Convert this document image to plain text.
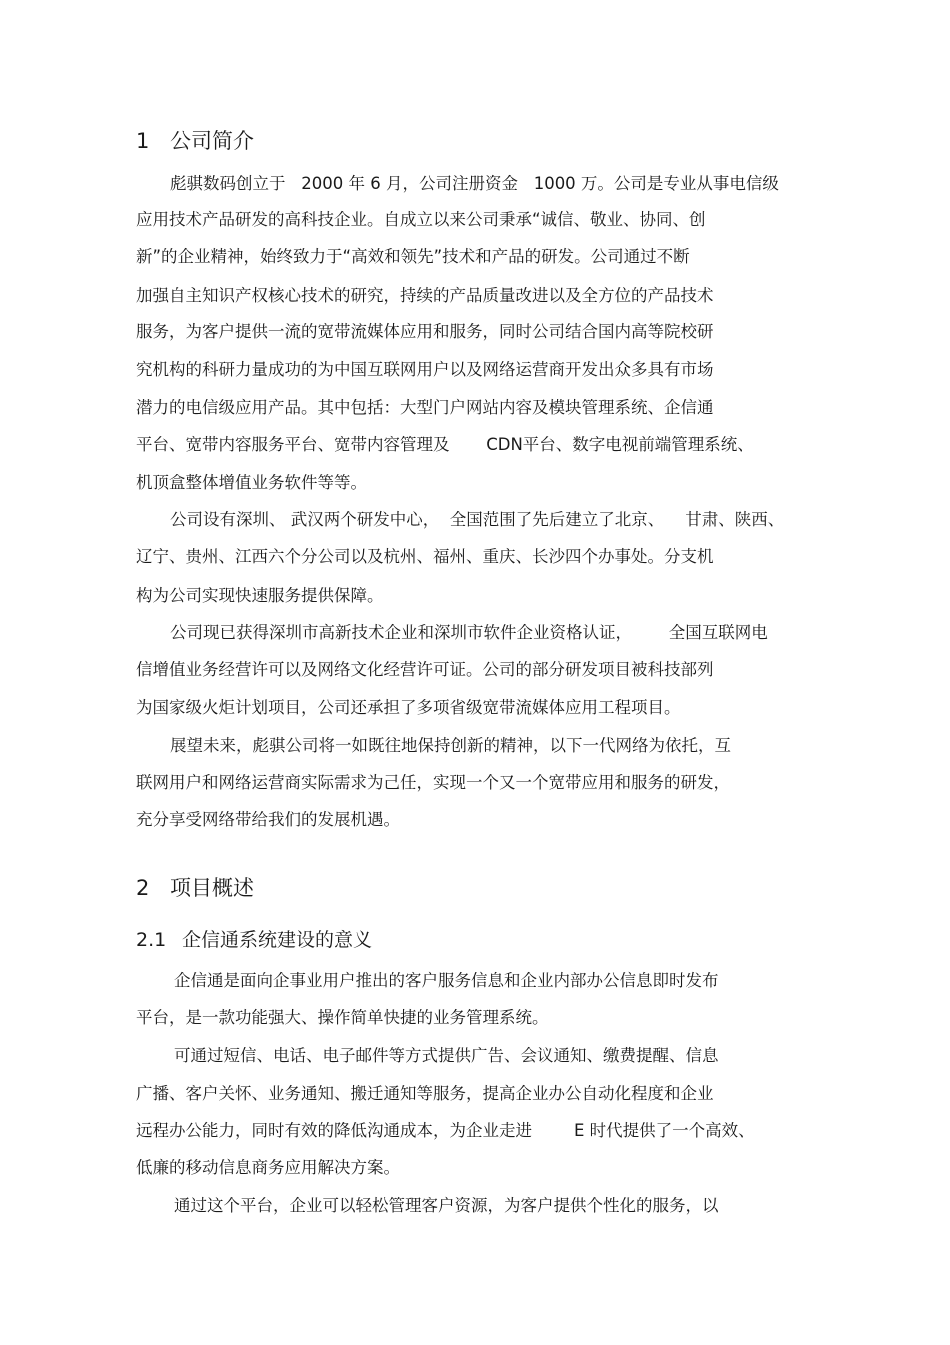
1 公司简介
彪骐数码创立于   2000 年 6 月，公司注册资金   1000 万。公司是专业从事电信级
应用技术产品研发的高科技企业。自成立以来公司秉承“诚信、敬业、协同、创
新”的企业精神，始终致力于“高效和领先”技术和产品的研发。公司通过不断
加强自主知识产权核心技术的研究，持续的产品质量改进以及全方位的产品技术
服务，为客户提供一流的宽带流媒体应用和服务，同时公司结合国内高等院校研
究机构的科研力量成功的为中国互联网用户以及网络运营商开发出众多具有市场
潜力的电信级应用产品。其中包括：大型门户网站内容及模块管理系统、企信通
平台、宽带内容服务平台、宽带内容管理及       CDN平台、数字电视前端管理系统、
机顶盒整体增值业务软件等等。
公司设有深圳、 武汉两个研发中心，  全国范围了先后建立了北京、    甘肃、陕西、
辽宁、贵州、江西六个分公司以及杭州、福州、重庆、长沙四个办事处。分支机
构为公司实现快速服务提供保障。
公司现已获得深圳市高新技术企业和深圳市软件企业资格认证，       全国互联网电
信增值业务经营许可以及网络文化经营许可证。公司的部分研发项目被科技部列
为国家级火炬计划项目，公司还承担了多项省级宽带流媒体应用工程项目。
展望未来，彪骐公司将一如既往地保持创新的精神，以下一代网络为依托，互
联网用户和网络运营商实际需求为己任，实现一个又一个宽带应用和服务的研发，
充分享受网络带给我们的发展机遇。
2 项目概述
2.1 企信通系统建设的意义
企信通是面向企事业用户推出的客户服务信息和企业内部办公信息即时发布
平台，是一款功能强大、操作简单快捷的业务管理系统。
可通过短信、电话、电子邮件等方式提供广告、会议通知、缴费提醒、信息
广播、客户关怀、业务通知、搬迁通知等服务，提高企业办公自动化程度和企业
远程办公能力，同时有效的降低沟通成本，为企业走进        E 时代提供了一个高效、
低廉的移动信息商务应用解决方案。
通过这个平台，企业可以轻松管理客户资源，为客户提供个性化的服务，以
